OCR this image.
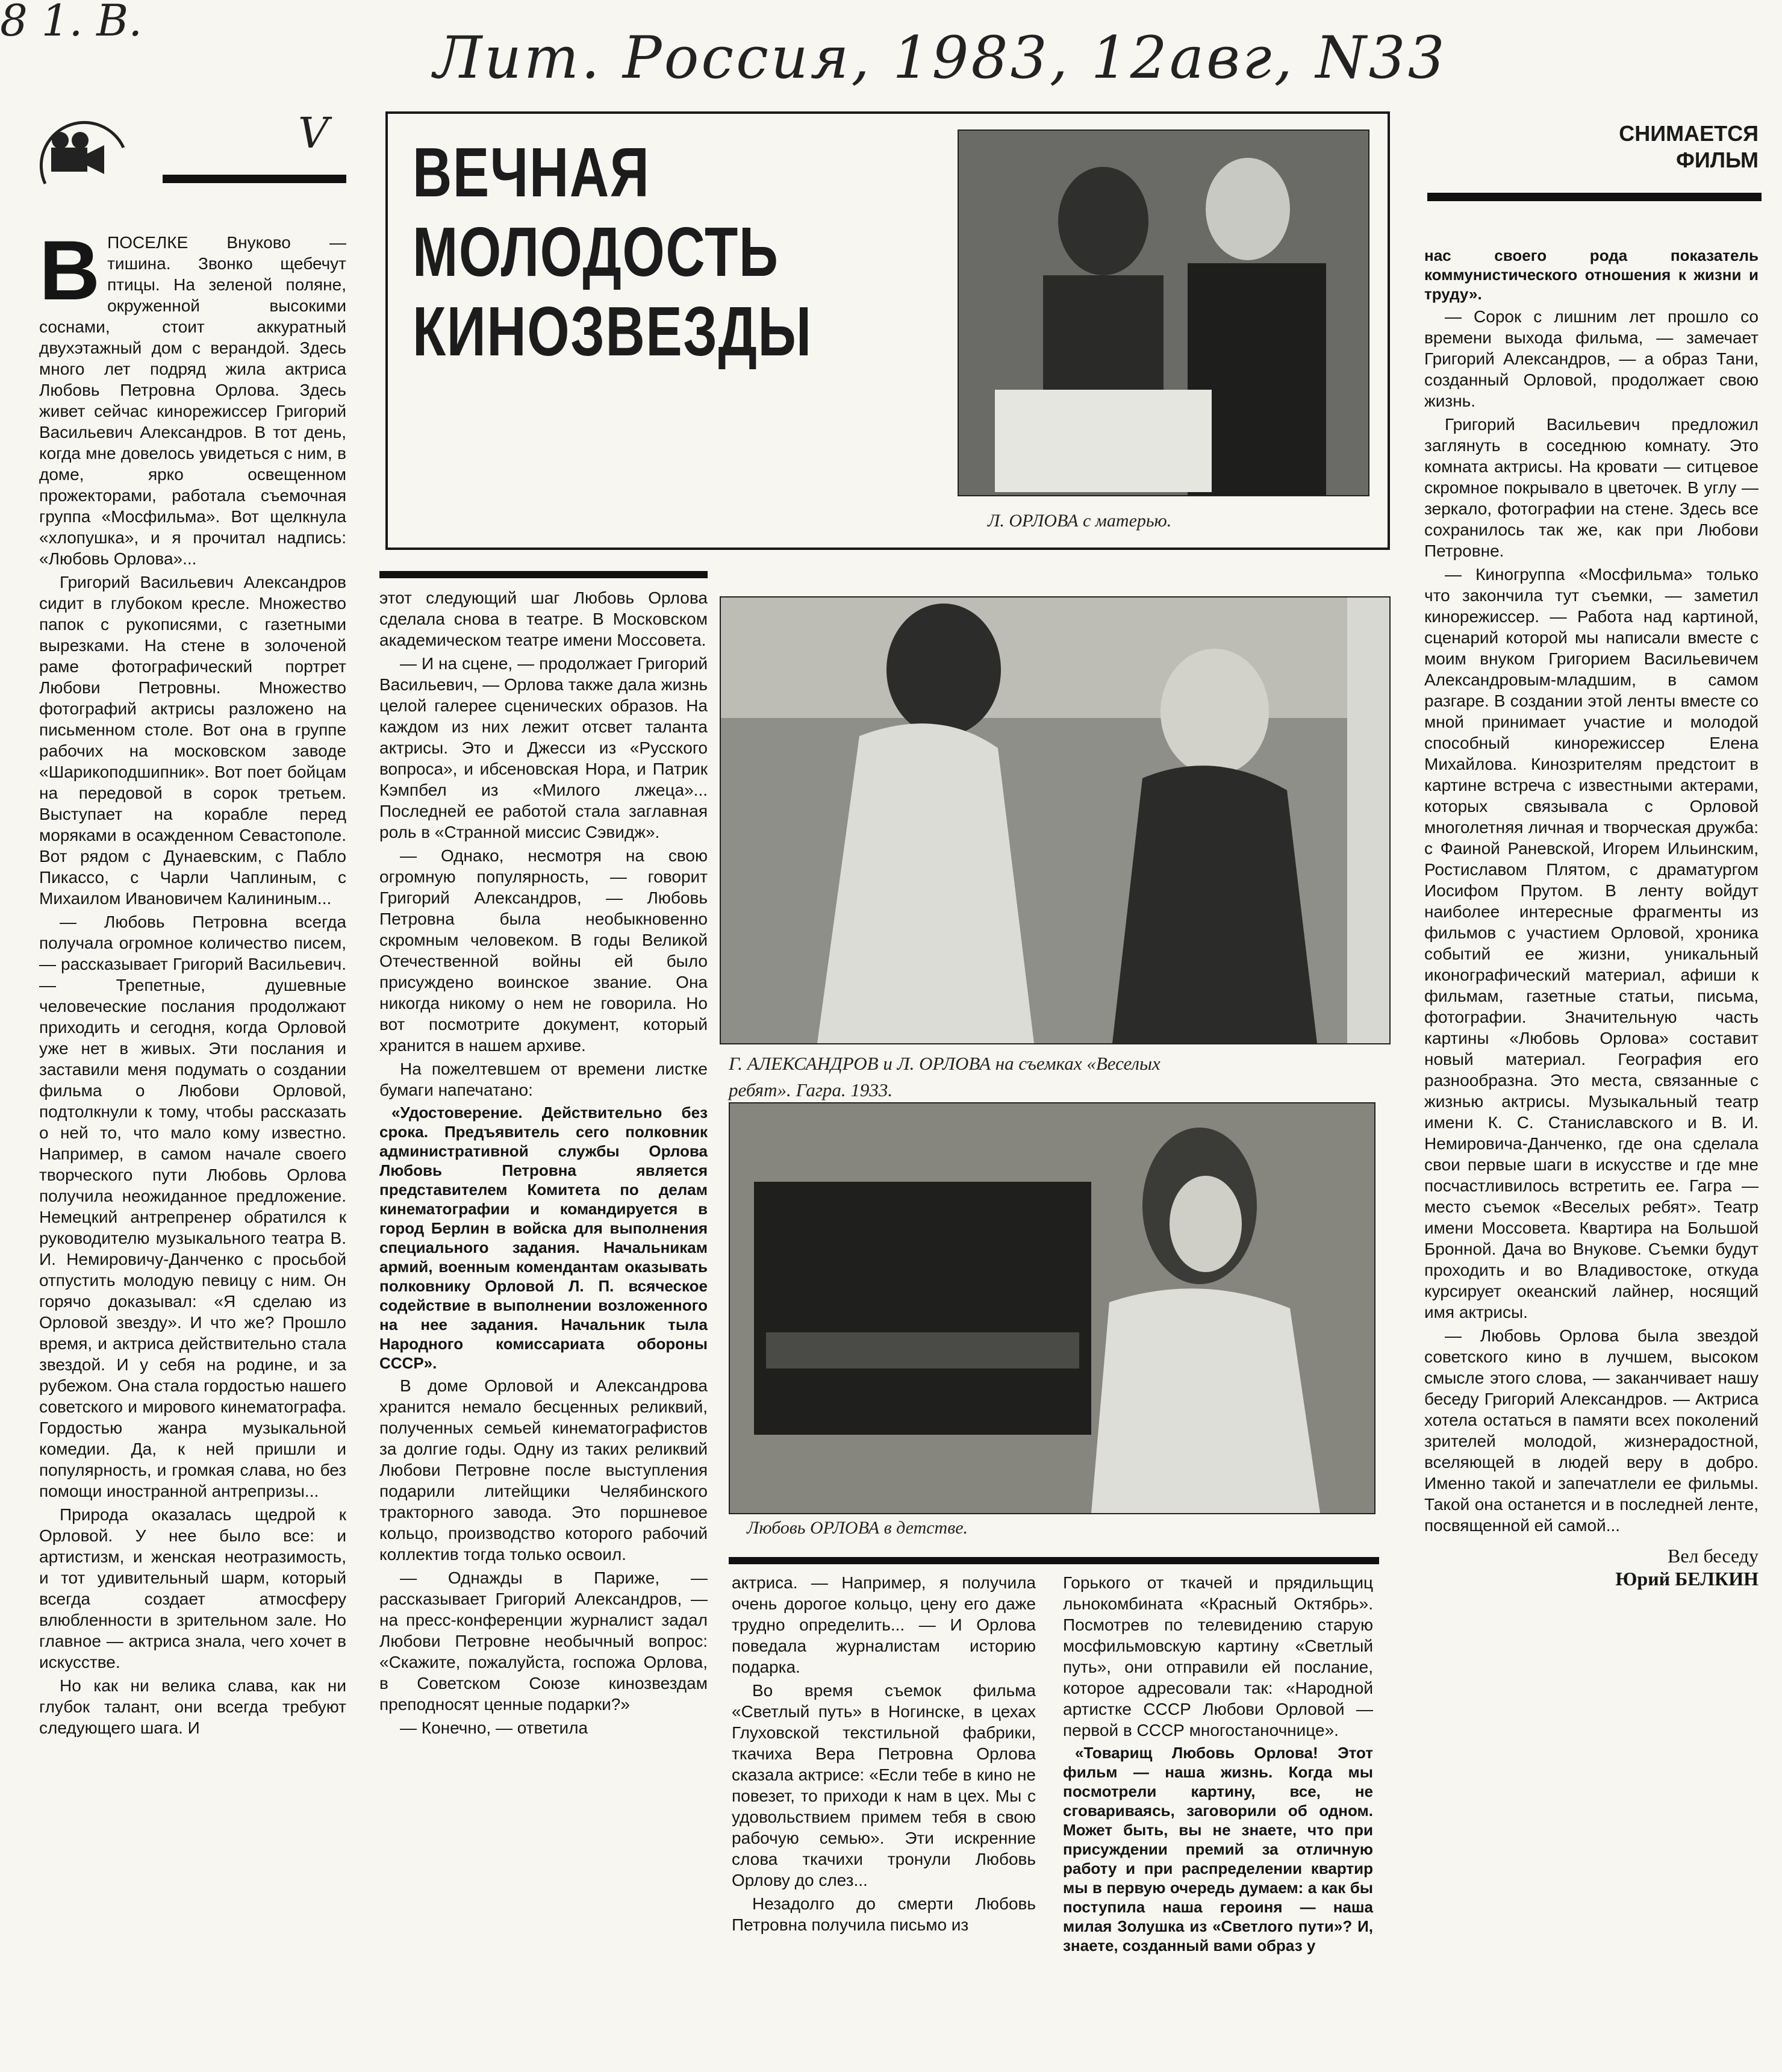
8 1. В.
Лит. Россия, 1983, 12авг, N33
V	СНИМАЕТСЯ
ФИЛЬМ
ВЕЧНАЯ
МОЛОДОСТЬ
КИНОЗВЕЗДЫ
Л. ОРЛОВА с матерью.
Г. АЛЕКСАНДРОВ и Л. ОРЛОВА на съемках «Веселых
ребят». Гагра. 1933.
Любовь ОРЛОВА в детстве.

ВПОСЕЛКЕ Внуково — тишина. Звонко щебечут птицы. На зеленой поляне, окруженной высокими соснами, стоит аккуратный двухэтажный дом с верандой. Здесь много лет подряд жила актриса Любовь Петровна Орлова. Здесь живет сейчас кинорежиссер Григорий Васильевич Александров. В тот день, когда мне довелось увидеться с ним, в доме, ярко освещенном прожекторами, работала съемочная группа «Мосфильма». Вот щелкнула «хлопушка», и я прочитал надпись: «Любовь Орлова»...

Григорий Васильевич Александров сидит в глубоком кресле. Множество папок с рукописями, с газетными вырезками. На стене в золоченой раме фотографический портрет Любови Петровны. Множество фотографий актрисы разложено на письменном столе. Вот она в группе рабочих на московском заводе «Шарикоподшипник». Вот поет бойцам на передовой в сорок третьем. Выступает на корабле перед моряками в осажденном Севастополе. Вот рядом с Дунаевским, с Пабло Пикассо, с Чарли Чаплиным, с Михаилом Ивановичем Калининым...

— Любовь Петровна всегда получала огромное количество писем, — рассказывает Григорий Васильевич. — Трепетные, душевные человеческие послания продолжают приходить и сегодня, когда Орловой уже нет в живых. Эти послания и заставили меня подумать о создании фильма о Любови Орловой, подтолкнули к тому, чтобы рассказать о ней то, что мало кому известно. Например, в самом начале своего творческого пути Любовь Орлова получила неожиданное предложение. Немецкий антрепренер обратился к руководителю музыкального театра В. И. Немировичу-Данченко с просьбой отпустить молодую певицу с ним. Он горячо доказывал: «Я сделаю из Орловой звезду». И что же? Прошло время, и актриса действительно стала звездой. И у себя на родине, и за рубежом. Она стала гордостью нашего советского и мирового кинематографа. Гордостью жанра музыкальной комедии. Да, к ней пришли и популярность, и громкая слава, но без помощи иностранной антрепризы...

Природа оказалась щедрой к Орловой. У нее было все: и артистизм, и женская неотразимость, и тот удивительный шарм, который всегда создает атмосферу влюбленности в зрительном зале. Но главное — актриса знала, чего хочет в искусстве.

Но как ни велика слава, как ни глубок талант, они всегда требуют следующего шага. И

этот следующий шаг Любовь Орлова сделала снова в театре. В Московском академическом театре имени Моссовета.

— И на сцене, — продолжает Григорий Васильевич, — Орлова также дала жизнь целой галерее сценических образов. На каждом из них лежит отсвет таланта актрисы. Это и Джесси из «Русского вопроса», и ибсеновская Нора, и Патрик Кэмпбел из «Милого лжеца»... Последней ее работой стала заглавная роль в «Странной миссис Сэвидж».

— Однако, несмотря на свою огромную популярность, — говорит Григорий Александров, — Любовь Петровна была необыкновенно скромным человеком. В годы Великой Отечественной войны ей было присуждено воинское звание. Она никогда никому о нем не говорила. Но вот посмотрите документ, который хранится в нашем архиве.

На пожелтевшем от времени листке бумаги напечатано:

«Удостоверение. Действительно без срока. Предъявитель сего полковник административной службы Орлова Любовь Петровна является представителем Комитета по делам кинематографии и командируется в город Берлин в войска для выполнения специального задания. Начальникам армий, военным комендантам оказывать полковнику Орловой Л. П. всяческое содействие в выполнении возложенного на нее задания. Начальник тыла Народного комиссариата обороны СССР».

В доме Орловой и Александрова хранится немало бесценных реликвий, полученных семьей кинематографистов за долгие годы. Одну из таких реликвий Любови Петровне после выступления подарили литейщики Челябинского тракторного завода. Это поршневое кольцо, производство которого рабочий коллектив тогда только освоил.

— Однажды в Париже, — рассказывает Григорий Александров, — на пресс-конференции журналист задал Любови Петровне необычный вопрос: «Скажите, пожалуйста, госпожа Орлова, в Советском Союзе кинозвездам преподносят ценные подарки?»

— Конечно, — ответила

актриса. — Например, я получила очень дорогое кольцо, цену его даже трудно определить... — И Орлова поведала журналистам историю подарка.

Во время съемок фильма «Светлый путь» в Ногинске, в цехах Глуховской текстильной фабрики, ткачиха Вера Петровна Орлова сказала актрисе: «Если тебе в кино не повезет, то приходи к нам в цех. Мы с удовольствием примем тебя в свою рабочую семью». Эти искренние слова ткачихи тронули Любовь Орлову до слез...

Незадолго до смерти Любовь Петровна получила письмо из

Горького от ткачей и прядильщиц льнокомбината «Красный Октябрь». Посмотрев по телевидению старую мосфильмовскую картину «Светлый путь», они отправили ей послание, которое адресовали так: «Народной артистке СССР Любови Орловой — первой в СССР многостаночнице».

«Товарищ Любовь Орлова! Этот фильм — наша жизнь. Когда мы посмотрели картину, все, не сговариваясь, заговорили об одном. Может быть, вы не знаете, что при присуждении премий за отличную работу и при распределении квартир мы в первую очередь думаем: а как бы поступила наша героиня — наша милая Золушка из «Светлого пути»? И, знаете, созданный вами образ у

нас своего рода показатель коммунистического отношения к жизни и труду».

— Сорок с лишним лет прошло со времени выхода фильма, — замечает Григорий Александров, — а образ Тани, созданный Орловой, продолжает свою жизнь.

Григорий Васильевич предложил заглянуть в соседнюю комнату. Это комната актрисы. На кровати — ситцевое скромное покрывало в цветочек. В углу — зеркало, фотографии на стене. Здесь все сохранилось так же, как при Любови Петровне.

— Киногруппа «Мосфильма» только что закончила тут съемки, — заметил кинорежиссер. — Работа над картиной, сценарий которой мы написали вместе с моим внуком Григорием Васильевичем Александровым-младшим, в самом разгаре. В создании этой ленты вместе со мной принимает участие и молодой способный кинорежиссер Елена Михайлова. Кинозрителям предстоит в картине встреча с известными актерами, которых связывала с Орловой многолетняя личная и творческая дружба: с Фаиной Раневской, Игорем Ильинским, Ростиславом Плятом, с драматургом Иосифом Прутом. В ленту войдут наиболее интересные фрагменты из фильмов с участием Орловой, хроника событий ее жизни, уникальный иконографический материал, афиши к фильмам, газетные статьи, письма, фотографии. Значительную часть картины «Любовь Орлова» составит новый материал. География его разнообразна. Это места, связанные с жизнью актрисы. Музыкальный театр имени К. С. Станиславского и В. И. Немировича-Данченко, где она сделала свои первые шаги в искусстве и где мне посчастливилось встретить ее. Гагра — место съемок «Веселых ребят». Театр имени Моссовета. Квартира на Большой Бронной. Дача во Внукове. Съемки будут проходить и во Владивостоке, откуда курсирует океанский лайнер, носящий имя актрисы.

— Любовь Орлова была звездой советского кино в лучшем, высоком смысле этого слова, — заканчивает нашу беседу Григорий Александров. — Актриса хотела остаться в памяти всех поколений зрителей молодой, жизнерадостной, вселяющей в людей веру в добро. Именно такой и запечатлели ее фильмы. Такой она останется и в последней ленте, посвященной ей самой...

Вел беседу
Юрий БЕЛКИН
